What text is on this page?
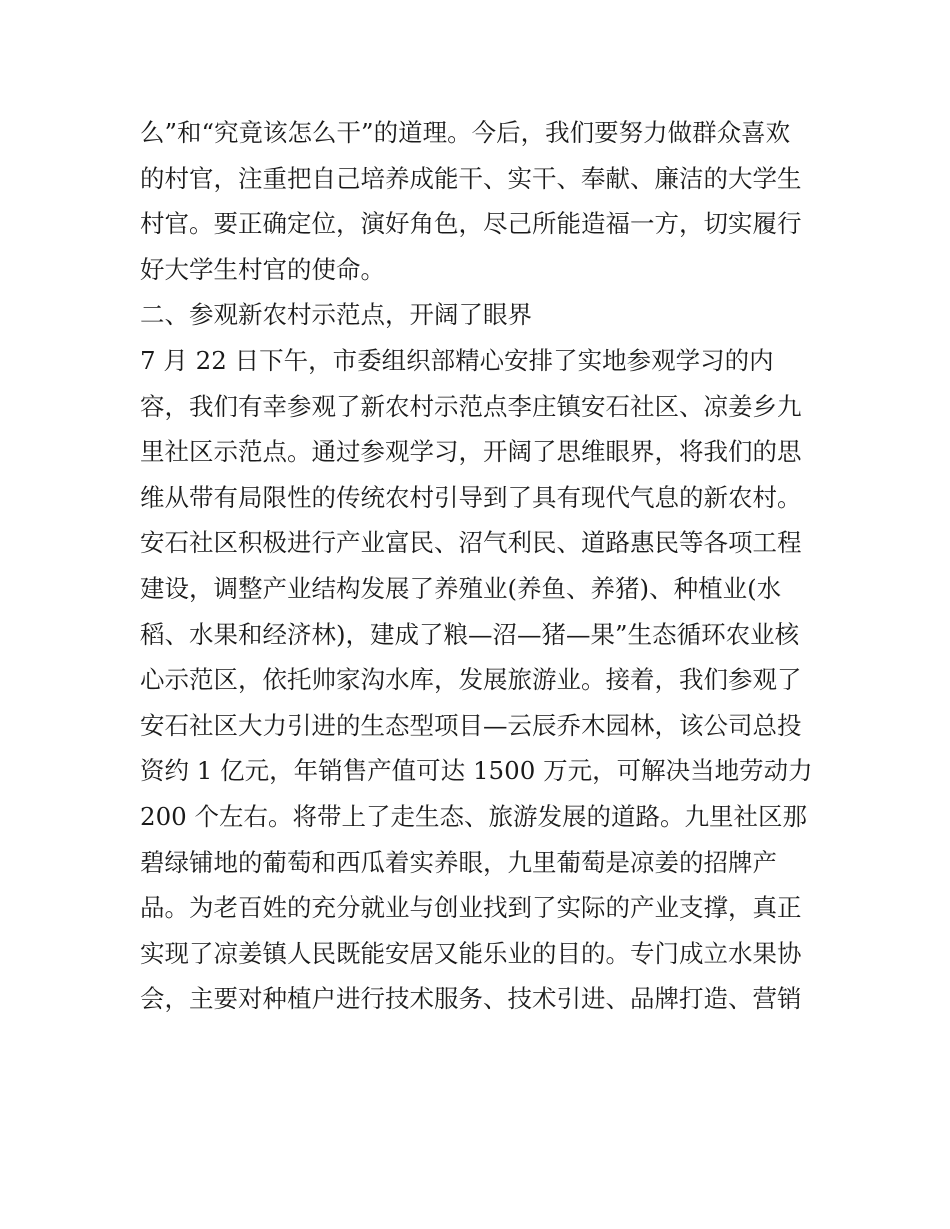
么”和“究竟该怎么干”的道理。今后，我们要努力做群众喜欢
的村官，注重把自己培养成能干、实干、奉献、廉洁的大学生
村官。要正确定位，演好角色，尽己所能造福一方，切实履行
好大学生村官的使命。
二、参观新农村示范点，开阔了眼界
7 月 22 日下午，市委组织部精心安排了实地参观学习的内
容，我们有幸参观了新农村示范点李庄镇安石社区、凉姜乡九
里社区示范点。通过参观学习，开阔了思维眼界，将我们的思
维从带有局限性的传统农村引导到了具有现代气息的新农村。
安石社区积极进行产业富民、沼气利民、道路惠民等各项工程
建设，调整产业结构发展了养殖业(养鱼、养猪)、种植业(水
稻、水果和经济林)，建成了粮—沼—猪—果”生态循环农业核
心示范区，依托帅家沟水库，发展旅游业。接着，我们参观了
安石社区大力引进的生态型项目—云辰乔木园林，该公司总投
资约 1 亿元，年销售产值可达 1500 万元，可解决当地劳动力
200 个左右。将带上了走生态、旅游发展的道路。九里社区那
碧绿铺地的葡萄和西瓜着实养眼，九里葡萄是凉姜的招牌产
品。为老百姓的充分就业与创业找到了实际的产业支撑，真正
实现了凉姜镇人民既能安居又能乐业的目的。专门成立水果协
会，主要对种植户进行技术服务、技术引进、品牌打造、营销
